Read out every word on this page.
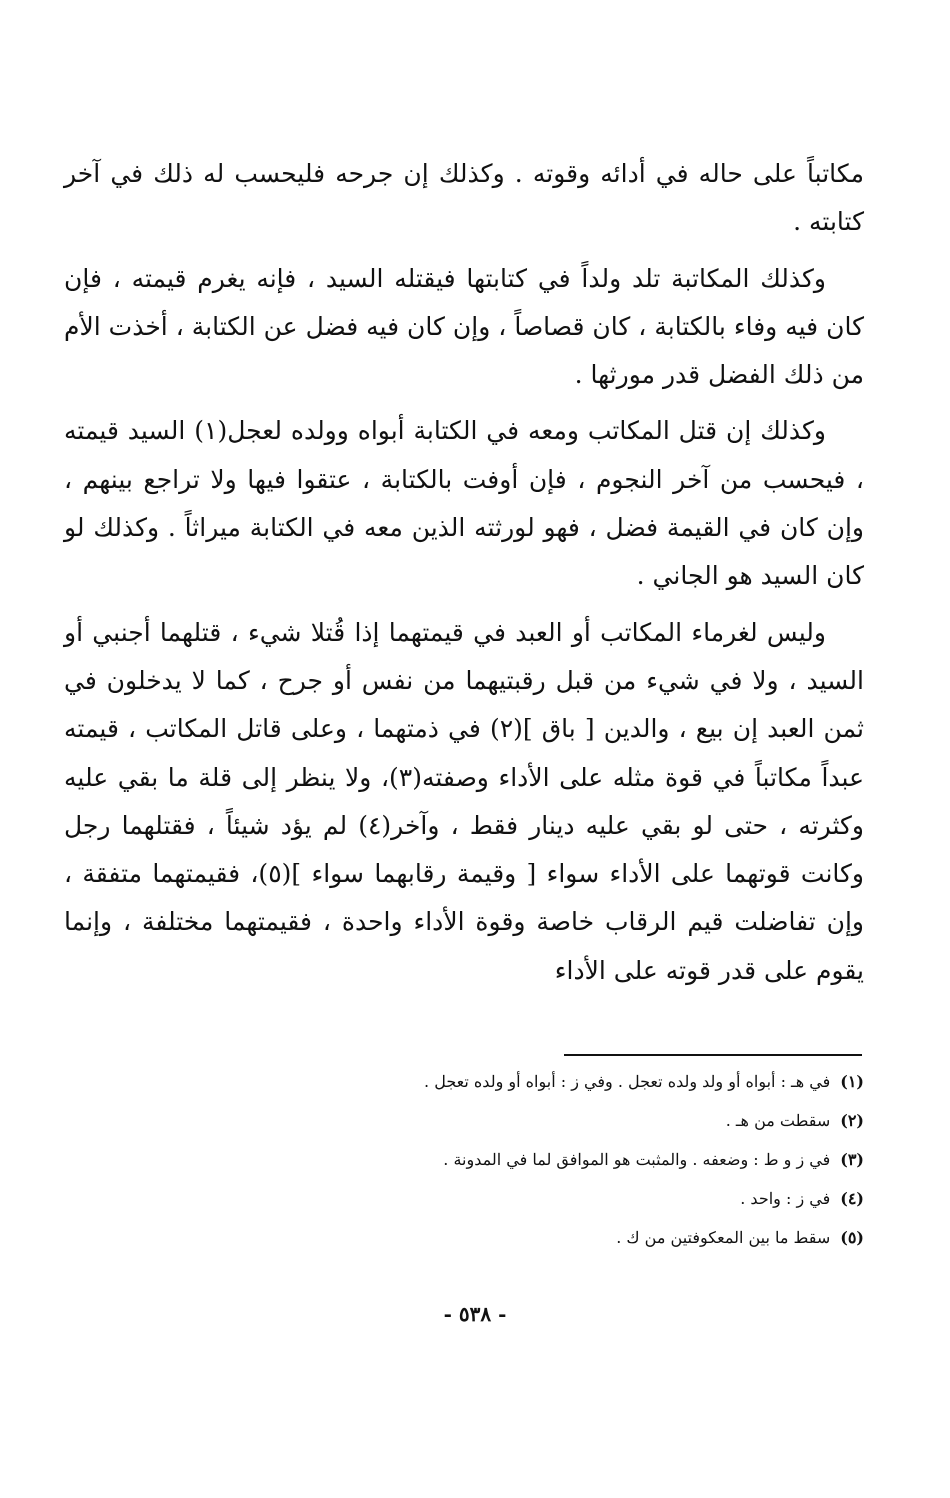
مكاتباً على حاله في أدائه وقوته . وكذلك إن جرحه فليحسب له ذلك في آخر كتابته .

وكذلك المكاتبة تلد ولداً في كتابتها فيقتله السيد ، فإنه يغرم قيمته ، فإن كان فيه وفاء بالكتابة ، كان قصاصاً ، وإن كان فيه فضل عن الكتابة ، أخذت الأم من ذلك الفضل قدر مورثها .

وكذلك إن قتل المكاتب ومعه في الكتابة أبواه وولده لعجل(١) السيد قيمته ، فيحسب من آخر النجوم ، فإن أوفت بالكتابة ، عتقوا فيها ولا تراجع بينهم ، وإن كان في القيمة فضل ، فهو لورثته الذين معه في الكتابة ميراثاً . وكذلك لو كان السيد هو الجاني .

وليس لغرماء المكاتب أو العبد في قيمتهما إذا قُتلا شيء ، قتلهما أجنبي أو السيد ، ولا في شيء من قبل رقبتيهما من نفس أو جرح ، كما لا يدخلون في ثمن العبد إن بيع ، والدين [ باق ](٢) في ذمتهما ، وعلى قاتل المكاتب ، قيمته عبداً مكاتباً في قوة مثله على الأداء وصفته(٣)، ولا ينظر إلى قلة ما بقي عليه وكثرته ، حتى لو بقي عليه دينار فقط ، وآخر(٤) لم يؤد شيئاً ، فقتلهما رجل وكانت قوتهما على الأداء سواء [ وقيمة رقابهما سواء ](٥)، فقيمتهما متفقة ، وإن تفاضلت قيم الرقاب خاصة وقوة الأداء واحدة ، فقيمتهما مختلفة ، وإنما يقوم على قدر قوته على الأداء

(١)في هـ : أبواه أو ولد ولده تعجل . وفي ز : أبواه أو ولده تعجل .
(٢)سقطت من هـ .
(٣)في ز و ط : وضعفه . والمثبت هو الموافق لما في المدونة .
(٤)في ز : واحد .
(٥)سقط ما بين المعكوفتين من ك .
- ٥٣٨ -
